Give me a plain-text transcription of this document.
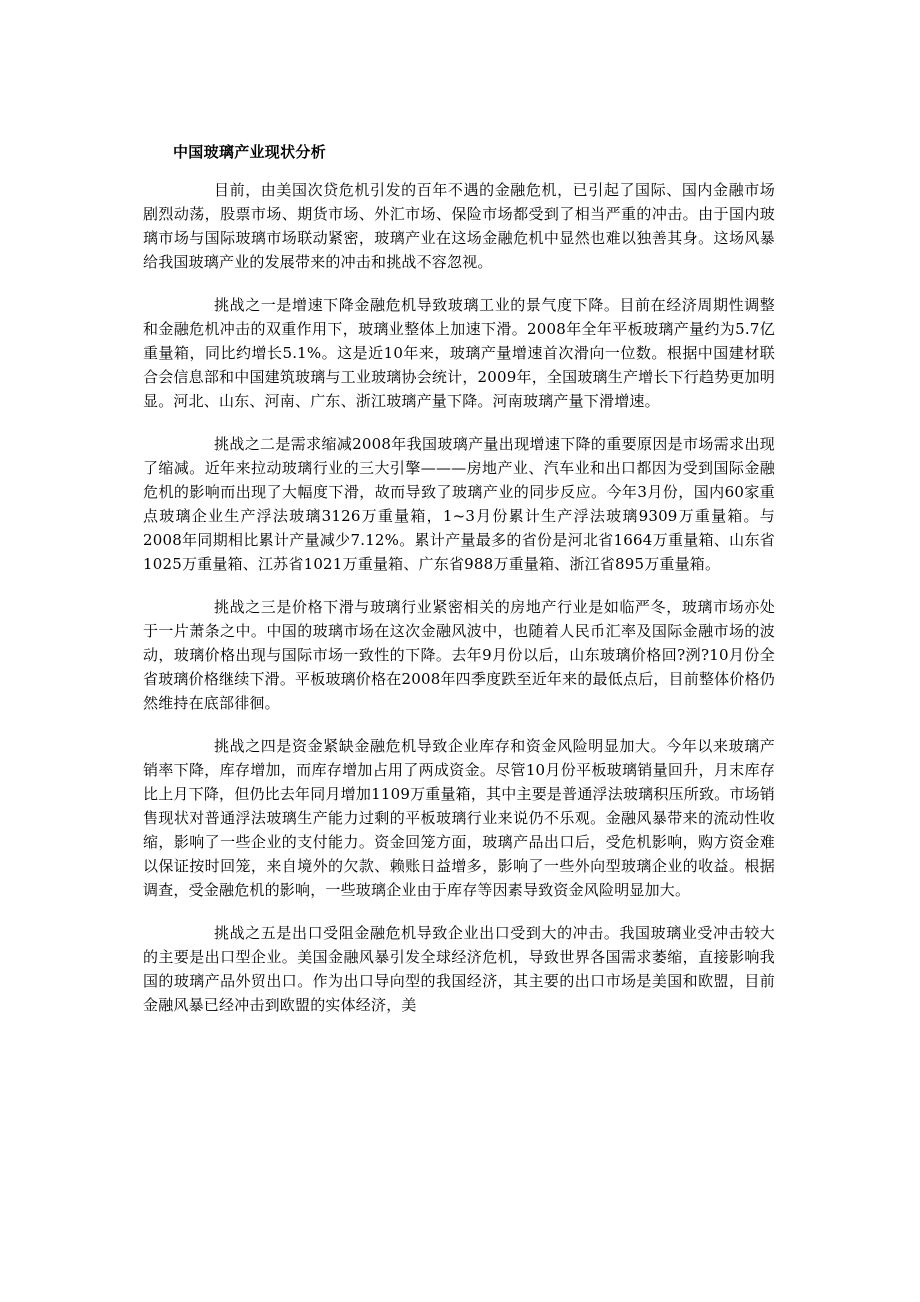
中国玻璃产业现状分析

目前，由美国次贷危机引发的百年不遇的金融危机，已引起了国际、国内金融市场剧烈动荡，股票市场、期货市场、外汇市场、保险市场都受到了相当严重的冲击。由于国内玻璃市场与国际玻璃市场联动紧密，玻璃产业在这场金融危机中显然也难以独善其身。这场风暴给我国玻璃产业的发展带来的冲击和挑战不容忽视。

挑战之一是增速下降金融危机导致玻璃工业的景气度下降。目前在经济周期性调整和金融危机冲击的双重作用下，玻璃业整体上加速下滑。2008年全年平板玻璃产量约为5.7亿重量箱，同比约增长5.1%。这是近10年来，玻璃产量增速首次滑向一位数。根据中国建材联合会信息部和中国建筑玻璃与工业玻璃协会统计，2009年，全国玻璃生产增长下行趋势更加明显。河北、山东、河南、广东、浙江玻璃产量下降。河南玻璃产量下滑增速。

挑战之二是需求缩减2008年我国玻璃产量出现增速下降的重要原因是市场需求出现了缩减。近年来拉动玻璃行业的三大引擎———房地产业、汽车业和出口都因为受到国际金融危机的影响而出现了大幅度下滑，故而导致了玻璃产业的同步反应。今年3月份，国内60家重点玻璃企业生产浮法玻璃3126万重量箱，1~3月份累计生产浮法玻璃9309万重量箱。与2008年同期相比累计产量减少7.12%。累计产量最多的省份是河北省1664万重量箱、山东省1025万重量箱、江苏省1021万重量箱、广东省988万重量箱、浙江省895万重量箱。

挑战之三是价格下滑与玻璃行业紧密相关的房地产行业是如临严冬，玻璃市场亦处于一片萧条之中。中国的玻璃市场在这次金融风波中，也随着人民币汇率及国际金融市场的波动，玻璃价格出现与国际市场一致性的下降。去年9月份以后，山东玻璃价格回?洌?10月份全省玻璃价格继续下滑。平板玻璃价格在2008年四季度跌至近年来的最低点后，目前整体价格仍然维持在底部徘徊。

挑战之四是资金紧缺金融危机导致企业库存和资金风险明显加大。今年以来玻璃产销率下降，库存增加，而库存增加占用了两成资金。尽管10月份平板玻璃销量回升，月末库存比上月下降，但仍比去年同月增加1109万重量箱，其中主要是普通浮法玻璃积压所致。市场销售现状对普通浮法玻璃生产能力过剩的平板玻璃行业来说仍不乐观。金融风暴带来的流动性收缩，影响了一些企业的支付能力。资金回笼方面，玻璃产品出口后，受危机影响，购方资金难以保证按时回笼，来自境外的欠款、赖账日益增多，影响了一些外向型玻璃企业的收益。根据调查，受金融危机的影响，一些玻璃企业由于库存等因素导致资金风险明显加大。

挑战之五是出口受阻金融危机导致企业出口受到大的冲击。我国玻璃业受冲击较大的主要是出口型企业。美国金融风暴引发全球经济危机，导致世界各国需求萎缩，直接影响我国的玻璃产品外贸出口。作为出口导向型的我国经济，其主要的出口市场是美国和欧盟，目前金融风暴已经冲击到欧盟的实体经济，美
